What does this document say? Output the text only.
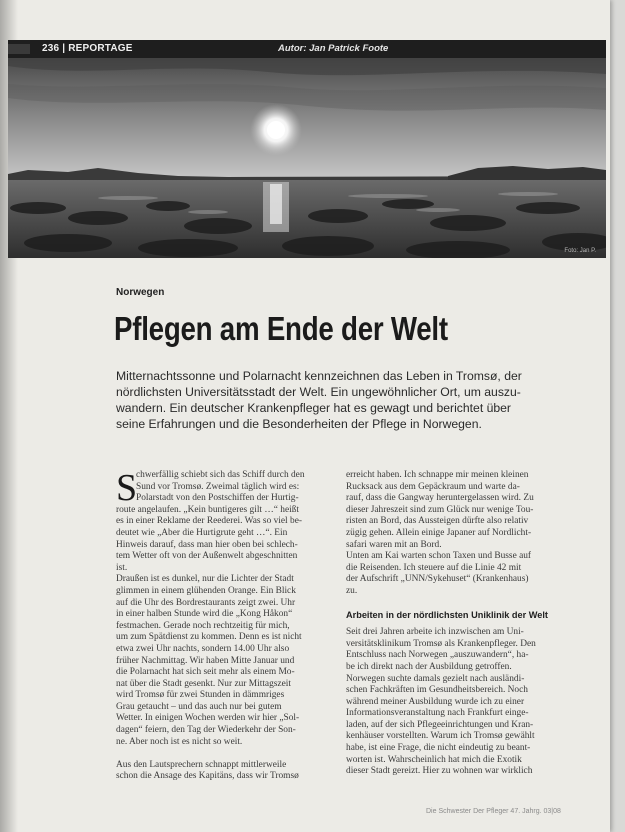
236 | REPORTAGE	Autor: Jan Patrick Foote
Foto: Jan P.
Norwegen
Pflegen am Ende der Welt
Mitternachtssonne und Polarnacht kennzeichnen das Leben in Tromsø, der
nördlichsten Universitätsstadt der Welt. Ein ungewöhnlicher Ort, um auszu-
wandern. Ein deutscher Krankenpfleger hat es gewagt und berichtet über
seine Erfahrungen und die Besonderheiten der Pflege in Norwegen.
S
chwerfällig schiebt sich das Schiff durch den
Sund vor Tromsø. Zweimal täglich wird es:
Polarstadt von den Postschiffen der Hurtig-
route angelaufen. „Kein buntigeres gilt …“ heißt
es in einer Reklame der Reederei. Was so viel be-
deutet wie „Aber die Hurtigrute geht …“. Ein
Hinweis darauf, dass man hier oben bei schlech-
tem Wetter oft von der Außenwelt abgeschnitten
ist.
Draußen ist es dunkel, nur die Lichter der Stadt
glimmen in einem glühenden Orange. Ein Blick
auf die Uhr des Bordrestaurants zeigt zwei. Uhr
in einer halben Stunde wird die „Kong Håkon“
festmachen. Gerade noch rechtzeitig für mich,
um zum Spätdienst zu kommen. Denn es ist nicht
etwa zwei Uhr nachts, sondern 14.00 Uhr also
früher Nachmittag. Wir haben Mitte Januar und
die Polarnacht hat sich seit mehr als einem Mo-
nat über die Stadt gesenkt. Nur zur Mittagszeit
wird Tromsø für zwei Stunden in dämmriges
Grau getaucht – und das auch nur bei gutem
Wetter. In einigen Wochen werden wir hier „Sol-
dagen“ feiern, den Tag der Wiederkehr der Son-
ne. Aber noch ist es nicht so weit.

Aus den Lautsprechern schnappt mittlerweile
schon die Ansage des Kapitäns, dass wir Tromsø
erreicht haben. Ich schnappe mir meinen kleinen
Rucksack aus dem Gepäckraum und warte da-
rauf, dass die Gangway heruntergelassen wird. Zu
dieser Jahreszeit sind zum Glück nur wenige Tou-
risten an Bord, das Aussteigen dürfte also relativ
zügig gehen. Allein einige Japaner auf Nordlicht-
safari waren mit an Bord.
Unten am Kai warten schon Taxen und Busse auf
die Reisenden. Ich steuere auf die Linie 42 mit
der Aufschrift „UNN/Sykehuset“ (Krankenhaus)
zu.
Arbeiten in der nördlichsten Uniklinik der Welt
Seit drei Jahren arbeite ich inzwischen am Uni-
versitätsklinikum Tromsø als Krankenpfleger. Den
Entschluss nach Norwegen „auszuwandern“, ha-
be ich direkt nach der Ausbildung getroffen.
Norwegen suchte damals gezielt nach ausländi-
schen Fachkräften im Gesundheitsbereich. Noch
während meiner Ausbildung wurde ich zu einer
Informationsveranstaltung nach Frankfurt einge-
laden, auf der sich Pflegeeinrichtungen und Kran-
kenhäuser vorstellten. Warum ich Tromsø gewählt
habe, ist eine Frage, die nicht eindeutig zu beant-
worten ist. Wahrscheinlich hat mich die Exotik
dieser Stadt gereizt. Hier zu wohnen war wirklich
Die Schwester Der Pfleger 47. Jahrg. 03|08
